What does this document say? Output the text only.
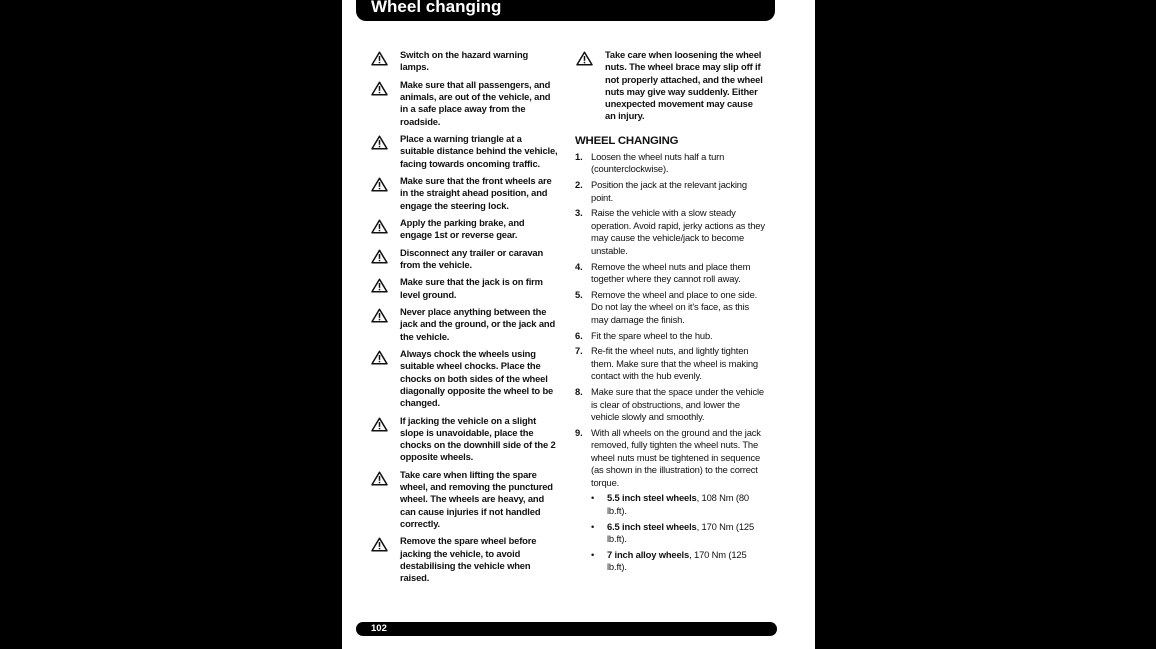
Wheel changing
Switch on the hazard warning lamps.
Make sure that all passengers, and animals, are out of the vehicle, and in a safe place away from the roadside.
Place a warning triangle at a suitable distance behind the vehicle, facing towards oncoming traffic.
Make sure that the front wheels are in the straight ahead position, and engage the steering lock.
Apply the parking brake, and engage 1st or reverse gear.
Disconnect any trailer or caravan from the vehicle.
Make sure that the jack is on firm level ground.
Never place anything between the jack and the ground, or the jack and the vehicle.
Always chock the wheels using suitable wheel chocks. Place the chocks on both sides of the wheel diagonally opposite the wheel to be changed.
If jacking the vehicle on a slight slope is unavoidable, place the chocks on the downhill side of the 2 opposite wheels.
Take care when lifting the spare wheel, and removing the punctured wheel. The wheels are heavy, and can cause injuries if not handled correctly.
Remove the spare wheel before jacking the vehicle, to avoid destabilising the vehicle when raised.
Take care when loosening the wheel nuts. The wheel brace may slip off if not properly attached, and the wheel nuts may give way suddenly. Either unexpected movement may cause an injury.
WHEEL CHANGING
1. Loosen the wheel nuts half a turn (counterclockwise).
2. Position the jack at the relevant jacking point.
3. Raise the vehicle with a slow steady operation. Avoid rapid, jerky actions as they may cause the vehicle/jack to become unstable.
4. Remove the wheel nuts and place them together where they cannot roll away.
5. Remove the wheel and place to one side. Do not lay the wheel on it's face, as this may damage the finish.
6. Fit the spare wheel to the hub.
7. Re-fit the wheel nuts, and lightly tighten them. Make sure that the wheel is making contact with the hub evenly.
8. Make sure that the space under the vehicle is clear of obstructions, and lower the vehicle slowly and smoothly.
9. With all wheels on the ground and the jack removed, fully tighten the wheel nuts. The wheel nuts must be tightened in sequence (as shown in the illustration) to the correct torque.
• 5.5 inch steel wheels, 108 Nm (80 lb.ft).
• 6.5 inch steel wheels, 170 Nm (125 lb.ft).
• 7 inch alloy wheels, 170 Nm (125 lb.ft).
102
